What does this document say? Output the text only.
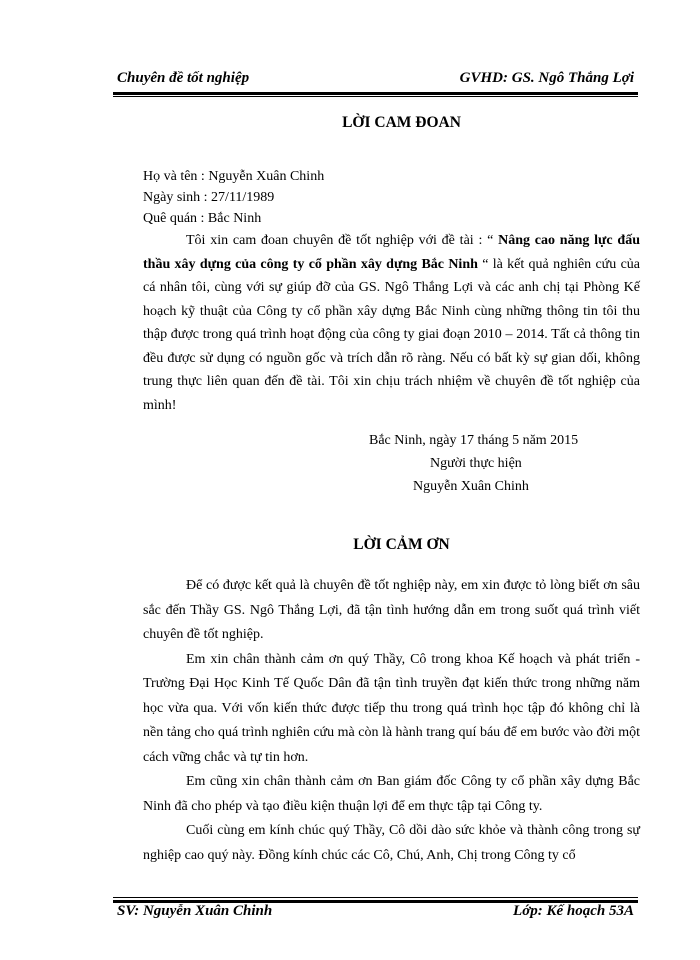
Chuyên đề tốt nghiệp	GVHD: GS. Ngô Thắng Lợi

LỜI CAM ĐOAN

Họ và tên : Nguyễn Xuân Chinh

Ngày sinh : 27/11/1989

Quê quán : Bắc Ninh

Tôi xin cam đoan chuyên đề tốt nghiệp với đề tài : “ Nâng cao năng lực đấu thầu xây dựng của công ty cổ phần xây dựng Bắc Ninh “ là kết quả nghiên cứu của cá nhân tôi, cùng với sự giúp đỡ của GS. Ngô Thắng Lợi và các anh chị tại Phòng Kế hoạch kỹ thuật của Công ty cổ phần xây dựng Bắc Ninh cùng những thông tin tôi thu thập được trong quá trình hoạt động của công ty giai đoạn 2010 – 2014. Tất cả thông tin đều được sử dụng có nguồn gốc và trích dẫn rõ ràng. Nếu có bất kỳ sự gian dối, không trung thực liên quan đến đề tài. Tôi xin chịu trách nhiệm về chuyên đề tốt nghiệp của mình!

Bắc Ninh, ngày 17 tháng 5 năm 2015

Người thực hiện

Nguyễn Xuân Chinh

LỜI CẢM ƠN

Để có được kết quả là chuyên đề tốt nghiệp này, em xin được tỏ lòng biết ơn sâu sắc đến Thầy GS. Ngô Thắng Lợi, đã tận tình hướng dẫn em trong suốt quá trình viết chuyên đề tốt nghiệp.

Em xin chân thành cảm ơn quý Thầy, Cô trong khoa Kế hoạch và phát triển - Trường Đại Học Kinh Tế Quốc Dân đã tận tình truyền đạt kiến thức trong những năm học vừa qua. Với vốn kiến thức được tiếp thu trong quá trình học tập đó không chỉ là nền tảng cho quá trình nghiên cứu mà còn là hành trang quí báu để em bước vào đời một cách vững chắc và tự tin hơn.

Em cũng xin chân thành cảm ơn Ban giám đốc Công ty cổ phần xây dựng Bắc Ninh đã cho phép và tạo điều kiện thuận lợi để em thực tập tại Công ty.

Cuối cùng em kính chúc quý Thầy, Cô dồi dào sức khỏe và thành công trong sự nghiệp cao quý này. Đồng kính chúc các Cô, Chú, Anh, Chị trong Công ty cổ

SV: Nguyễn Xuân Chinh	Lớp: Kế hoạch 53A
